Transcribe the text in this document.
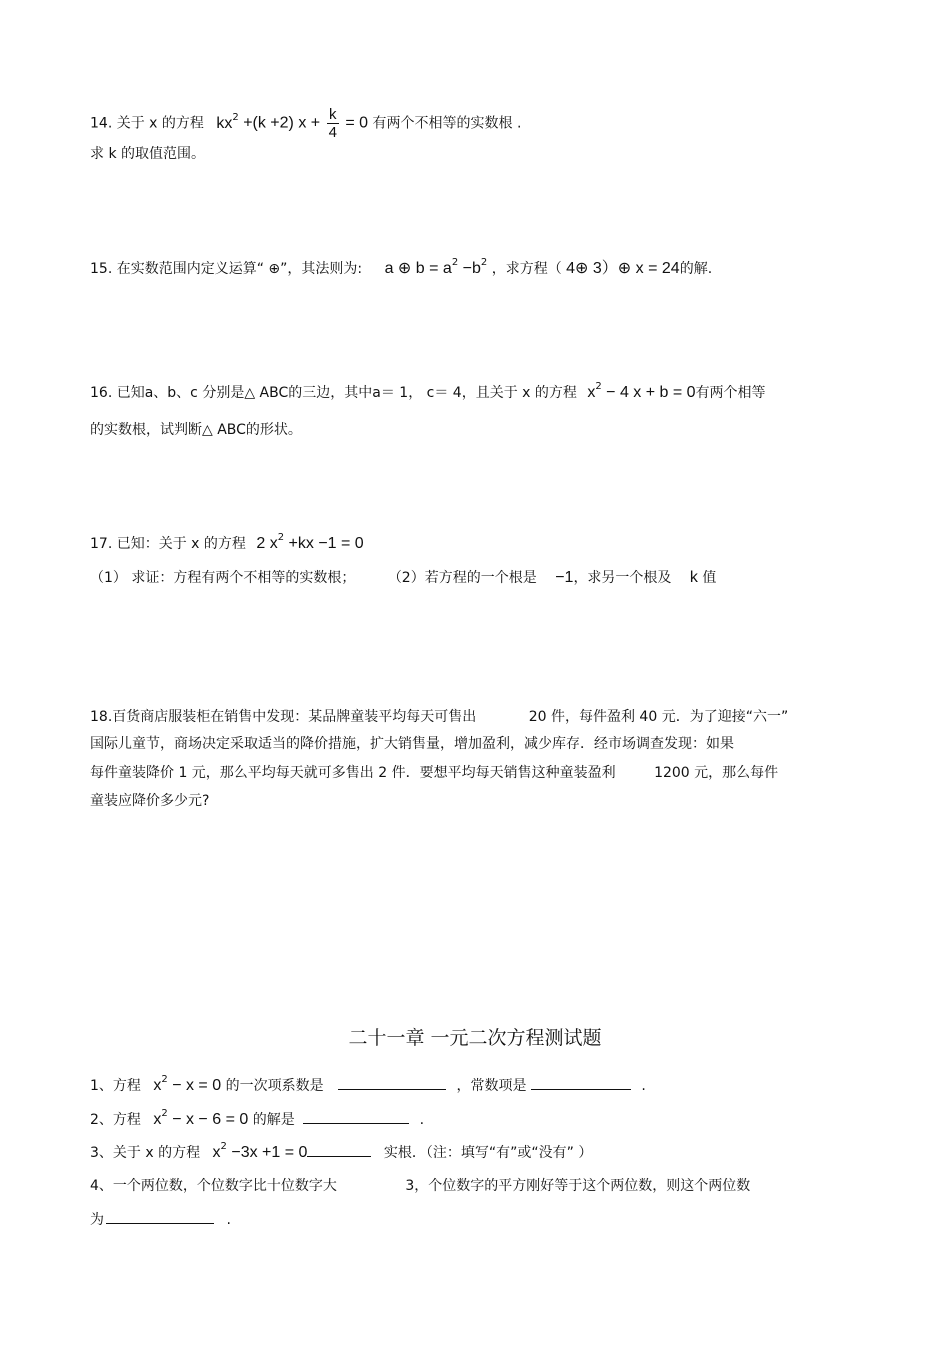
14. 关于 x 的方程 $kx^2 +(k +2) x + \frac{k}{4} = 0$ 有两个不相等的实数根 .
求 k 的取值范围。
15. 在实数范围内定义运算“ ⊕”，其法则为: a ⊕ $b = a^2 -b^2$ ，求方程（ 4⊕ 3）⊕ x = 24的解.
16. 已知a、b、c 分别是△ ABC的三边，其中a＝ 1， c＝ 4，且关于 x 的方程 $x^2 - 4$ x + b = 0有两个相等
的实数根，试判断△ ABC的形状。
17. 已知：关于 x 的方程 2 $x^2 +kx -1 = 0$
（1） 求证：方程有两个不相等的实数根； （2）若方程的一个根是 −1，求另一个根及 k 值
18.百货商店服装柜在销售中发现：某品牌童装平均每天可售出	20 件，每件盈利 40 元．为了迎接“六一”
国际儿童节，商场决定采取适当的降价措施，扩大销售量，增加盈利，减少库存．经市场调查发现：如果
每件童装降价 1 元，那么平均每天就可多售出 2 件．要想平均每天销售这种童装盈利	1200 元，那么每件
童装应降价多少元?
二十一章 一元二次方程测试题
1、方程 $x^2 - x = 0$ 的一次项系数是	，常数项是	.
2、方程 $x^2 - x - 6 = 0$ 的解是	.
3、关于 x 的方程 $x^2 -3x +1 = 0$	实根．（注：填写“有”或“没有” ）
4、一个两位数，个位数字比十位数字大	3，个位数字的平方刚好等于这个两位数，则这个两位数
为	.
